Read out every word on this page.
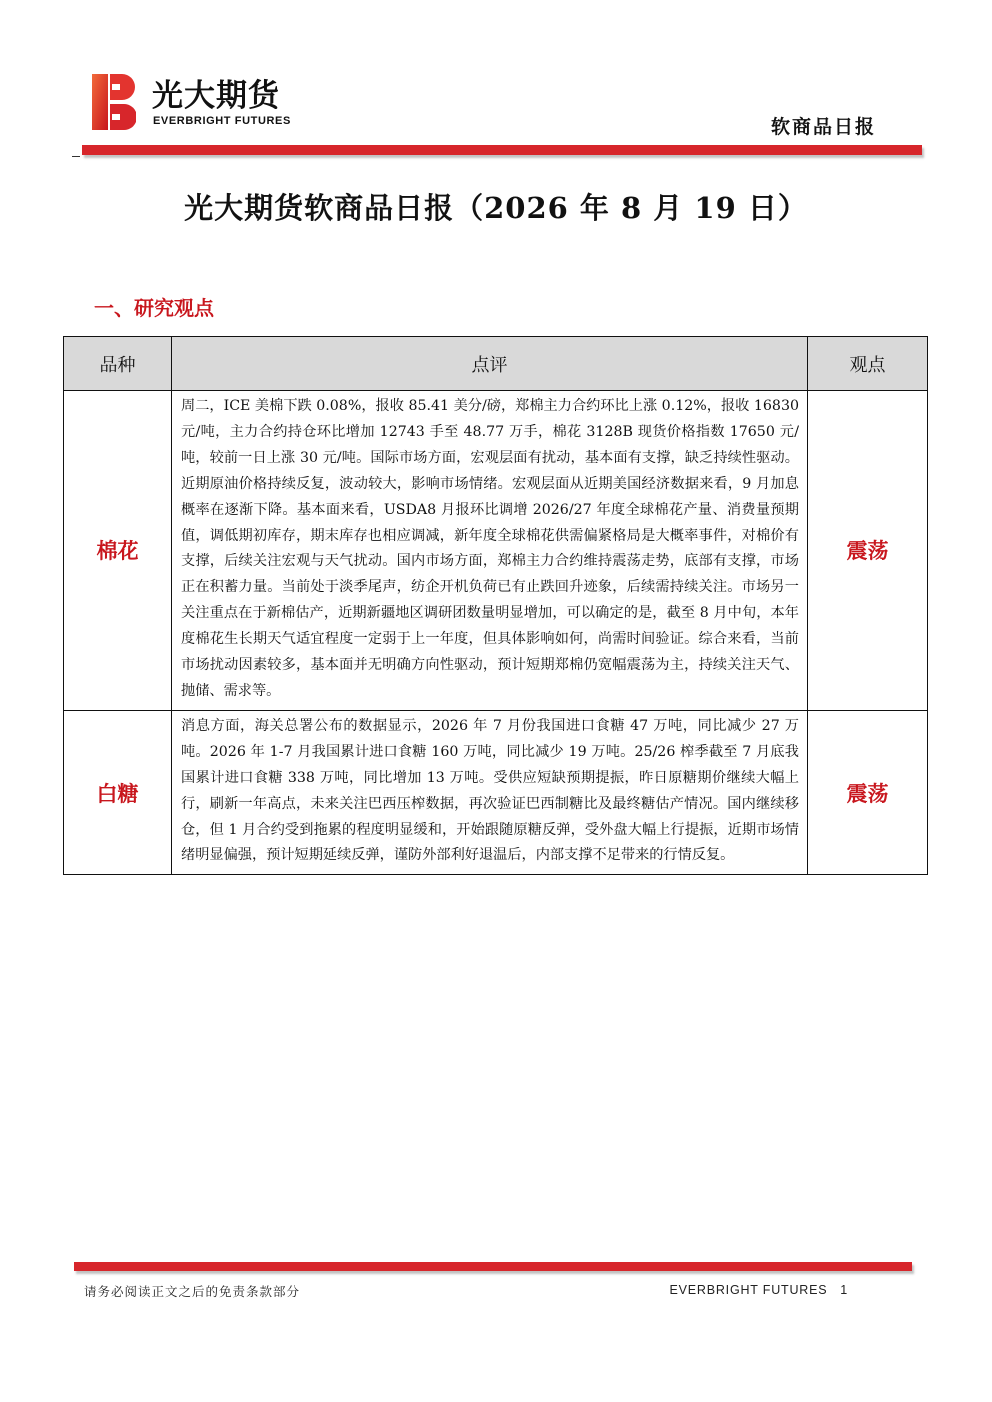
光大期货
EVERBRIGHT FUTURES	软商品日报
光大期货软商品日报（2026 年 8 月 19 日）
一、研究观点
品种	点评	观点
棉花	周二，ICE 美棉下跌 0.08%，报收 85.41 美分/磅，郑棉主力合约环比上涨 0.12%，报收 16830 元/吨，主力合约持仓环比增加 12743 手至 48.77 万手，棉花 3128B 现货价格指数 17650 元/吨，较前一日上涨 30 元/吨。国际市场方面，宏观层面有扰动，基本面有支撑，缺乏持续性驱动。近期原油价格持续反复，波动较大，影响市场情绪。宏观层面从近期美国经济数据来看，9 月加息概率在逐渐下降。基本面来看，USDA8 月报环比调增 2026/27 年度全球棉花产量、消费量预期值，调低期初库存，期末库存也相应调减，新年度全球棉花供需偏紧格局是大概率事件，对棉价有支撑，后续关注宏观与天气扰动。国内市场方面，郑棉主力合约维持震荡走势，底部有支撑，市场正在积蓄力量。当前处于淡季尾声，纺企开机负荷已有止跌回升迹象，后续需持续关注。市场另一关注重点在于新棉估产，近期新疆地区调研团数量明显增加，可以确定的是，截至 8 月中旬，本年度棉花生长期天气适宜程度一定弱于上一年度，但具体影响如何，尚需时间验证。综合来看，当前市场扰动因素较多，基本面并无明确方向性驱动，预计短期郑棉仍宽幅震荡为主，持续关注天气、抛储、需求等。	震荡
白糖	消息方面，海关总署公布的数据显示，2026 年 7 月份我国进口食糖 47 万吨，同比减少 27 万吨。2026 年 1-7 月我国累计进口食糖 160 万吨，同比减少 19 万吨。25/26 榨季截至 7 月底我国累计进口食糖 338 万吨，同比增加 13 万吨。受供应短缺预期提振，昨日原糖期价继续大幅上行，刷新一年高点，未来关注巴西压榨数据，再次验证巴西制糖比及最终糖估产情况。国内继续移仓，但 1 月合约受到拖累的程度明显缓和，开始跟随原糖反弹，受外盘大幅上行提振，近期市场情绪明显偏强，预计短期延续反弹，谨防外部利好退温后，内部支撑不足带来的行情反复。	震荡
请务必阅读正文之后的免责条款部分	EVERBRIGHT FUTURES 1
